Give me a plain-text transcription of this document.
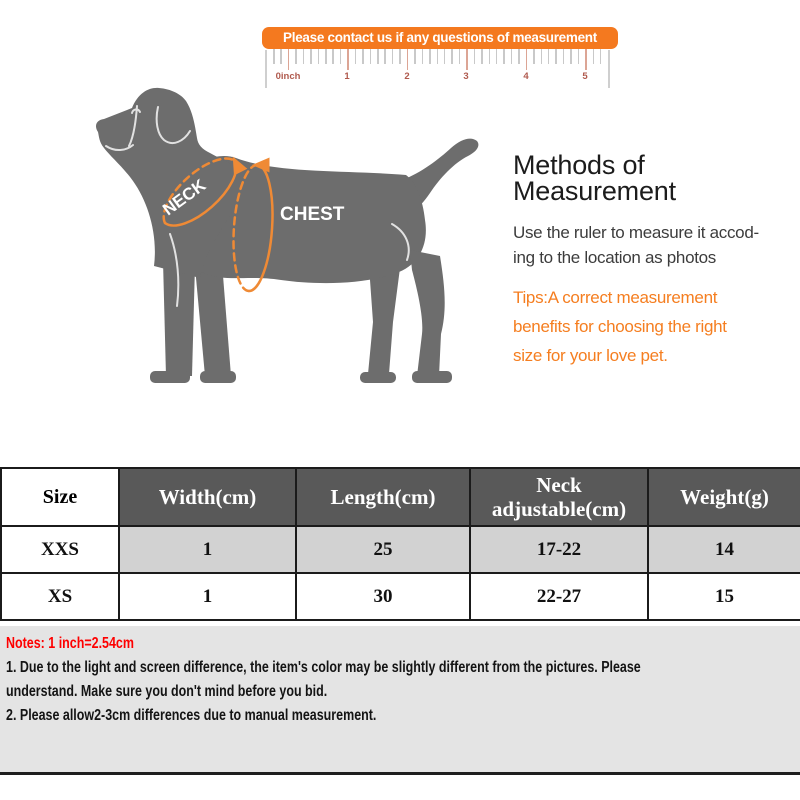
Please contact us if any questions of measurement
0inch	1	2	3	4	5
NECK	CHEST
Methods of Measurement
Use the ruler to measure it accod-
ing to the location as photos
Tips:A correct measurement
benefits for choosing the right
size for your love pet.
Size	Width(cm)	Length(cm)	Neck adjustable(cm)	Weight(g)
XXS	1	25	17-22	14
XS	1	30	22-27	15
Notes: 1 inch=2.54cm
1. Due to the light and screen difference, the item's color may be slightly different from the pictures. Please
understand. Make sure you don't mind before you bid.
2. Please allow2-3cm differences due to manual measurement.
